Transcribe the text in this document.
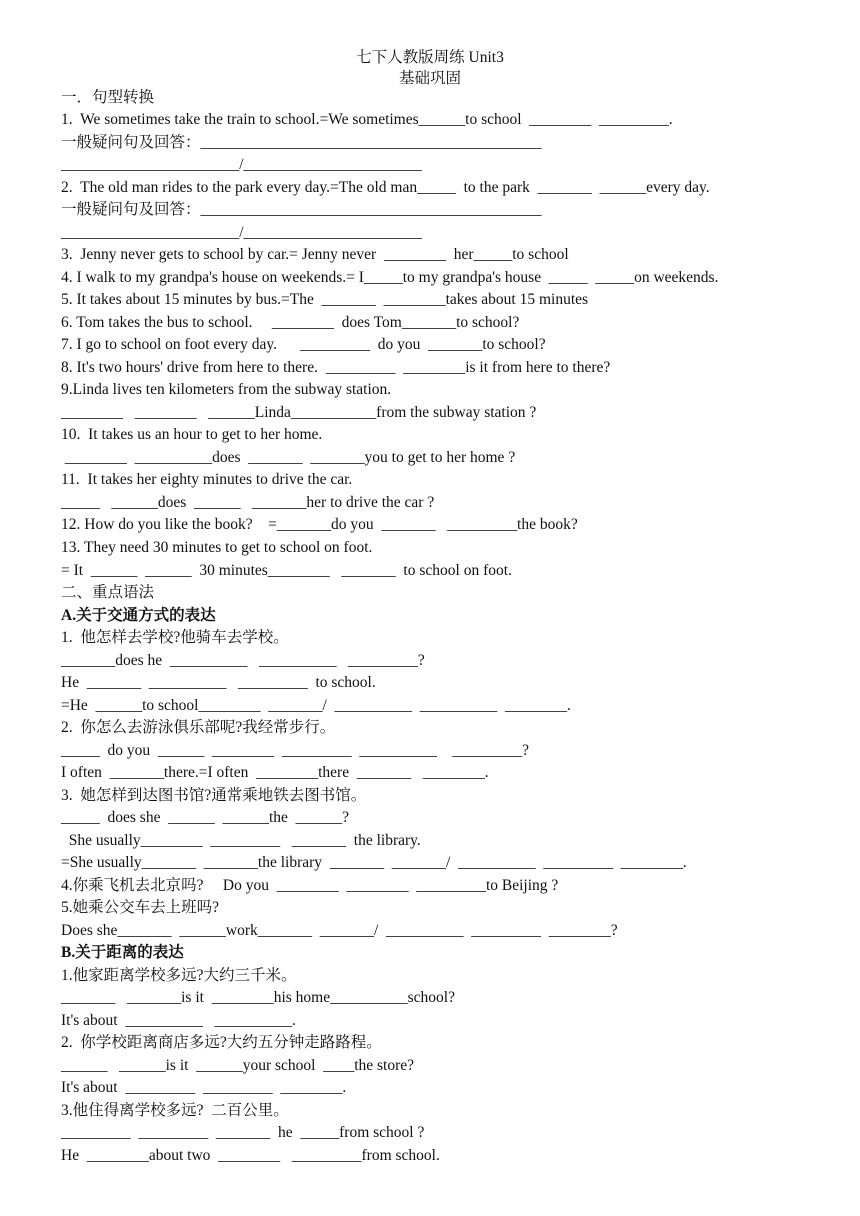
七下人教版周练 Unit3
基础巩固
一．句型转换
1.  We sometimes take the train to school.=We sometimes______to school  ________  _________.
一般疑问句及回答：____________________________________________
_______________________/_______________________
2.  The old man rides to the park every day.=The old man_____  to the park  _______  ______every day.
一般疑问句及回答：____________________________________________
_______________________/_______________________
3.  Jenny never gets to school by car.= Jenny never  ________  her_____to school
4. I walk to my grandpa's house on weekends.= I_____to my grandpa's house  _____  _____on weekends.
5. It takes about 15 minutes by bus.=The  _______  ________takes about 15 minutes
6. Tom takes the bus to school.     ________  does Tom_______to school?
7. I go to school on foot every day.      _________  do you  _______to school?
8. It's two hours' drive from here to there.  _________  ________is it from here to there?
9.Linda lives ten kilometers from the subway station.
________   ________   ______Linda___________from the subway station ?
10.  It takes us an hour to get to her home.
________  __________does  _______  _______you to get to her home ?
11.  It takes her eighty minutes to drive the car.
_____   ______does  ______   _______her to drive the car ?
12. How do you like the book?    =_______do you  _______   _________the book?
13. They need 30 minutes to get to school on foot.
= It  ______  ______  30 minutes________   _______  to school on foot.
二、重点语法
A.关于交通方式的表达
1.  他怎样去学校?他骑车去学校。
_______does he  __________   __________   _________?
He  _______  __________   _________  to school.
=He  ______to school________  _______/  __________  __________  ________.
2.  你怎么去游泳俱乐部呢?我经常步行。
_____  do you  ______  ________  _________  __________    _________?
I often  _______there.=I often  ________there  _______   ________.
3.  她怎样到达图书馆?通常乘地铁去图书馆。
_____  does she  ______  ______the  ______?
She usually________  _________   _______  the library.
=She usually_______  _______the library  _______  _______/  __________  _________  ________.
4.你乘飞机去北京吗?     Do you  ________  ________  _________to Beijing ?
5.她乘公交车去上班吗?
Does she_______  ______work_______  _______/  __________  _________  ________?
B.关于距离的表达
1.他家距离学校多远?大约三千米。
_______   _______is it  ________his home__________school?
It's about  __________   __________.
2.  你学校距离商店多远?大约五分钟走路路程。
______   ______is it  ______your school  ____the store?
It's about  _________  _________  ________.
3.他住得离学校多远?  二百公里。
_________  _________  _______  he  _____from school ?
He  ________about two  ________   _________from school.
